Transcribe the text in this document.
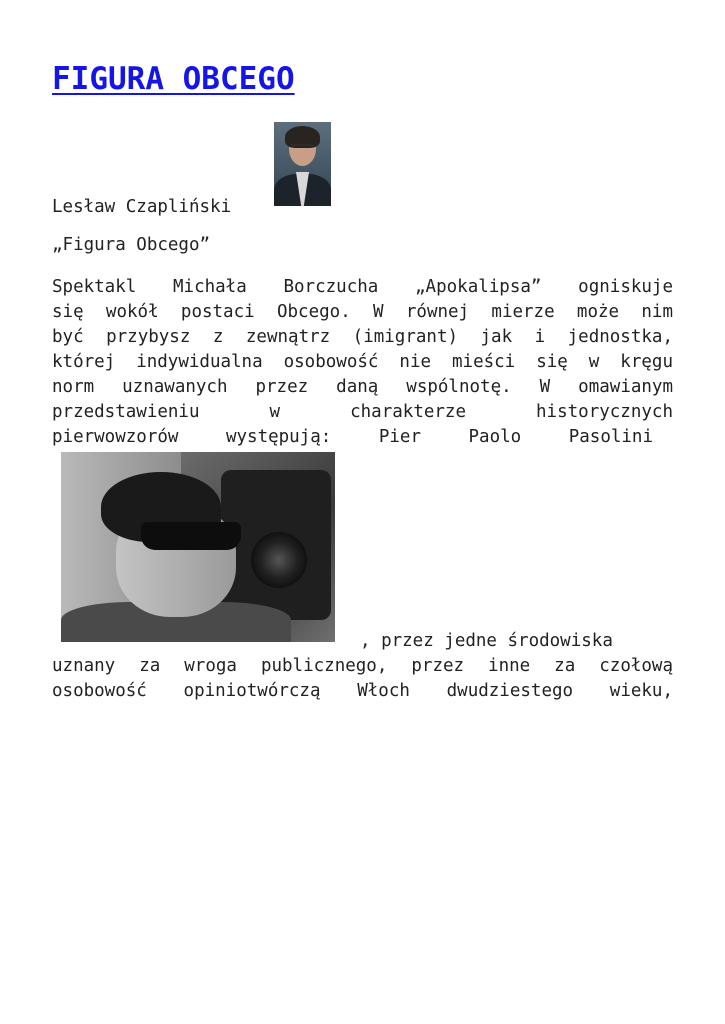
FIGURA OBCEGO
Lesław Czapliński
„Figura Obcego”
Spektakl Michała Borczucha „Apokalipsa” ogniskuje
się wokół postaci Obcego. W równej mierze może nim
być przybysz z zewnątrz (imigrant) jak i jednostka,
której indywidualna osobowość nie mieści się w kręgu
norm uznawanych przez daną wspólnotę. W omawianym
przedstawieniu w charakterze historycznych
pierwowzorów występują: Pier Paolo Pasolini
, przez jedne środowiska
uznany za wroga publicznego, przez inne za czołową
osobowość opiniotwórczą Włoch dwudziestego wieku,
